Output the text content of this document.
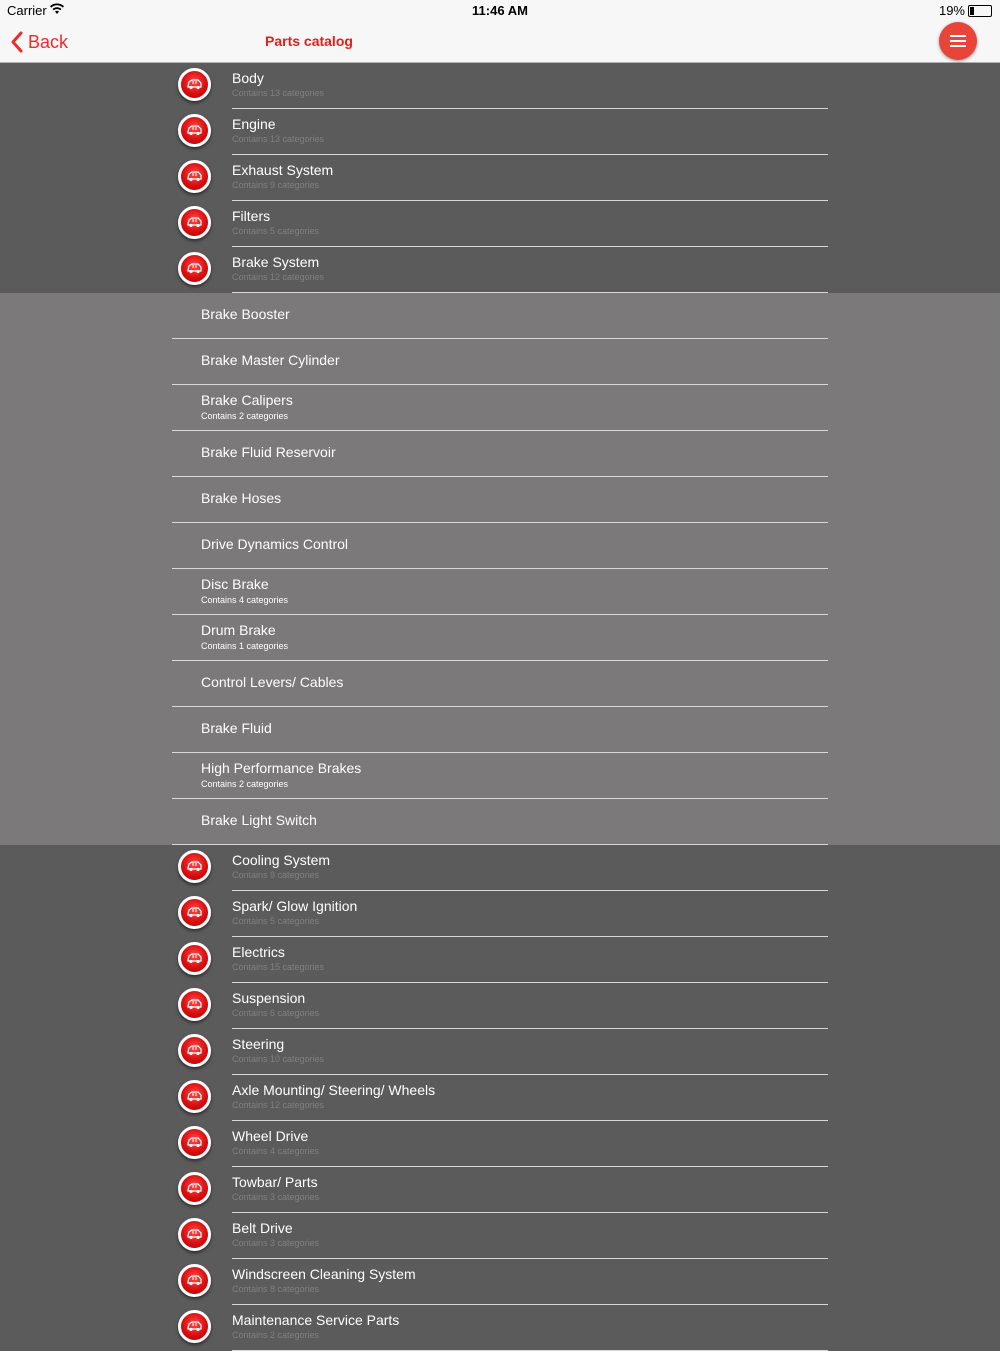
Carrier	11:46 AM	19%
Back	Parts catalog
Body
Contains 13 categories
Engine
Contains 13 categories
Exhaust System
Contains 9 categories
Filters
Contains 5 categories
Brake System
Contains 12 categories
Brake Booster
Brake Master Cylinder
Brake Calipers
Contains 2 categories
Brake Fluid Reservoir
Brake Hoses
Drive Dynamics Control
Disc Brake
Contains 4 categories
Drum Brake
Contains 1 categories
Control Levers/ Cables
Brake Fluid
High Performance Brakes
Contains 2 categories
Brake Light Switch
Cooling System
Contains 9 categories
Spark/ Glow Ignition
Contains 5 categories
Electrics
Contains 15 categories
Suspension
Contains 6 categories
Steering
Contains 10 categories
Axle Mounting/ Steering/ Wheels
Contains 12 categories
Wheel Drive
Contains 4 categories
Towbar/ Parts
Contains 3 categories
Belt Drive
Contains 3 categories
Windscreen Cleaning System
Contains 8 categories
Maintenance Service Parts
Contains 2 categories
